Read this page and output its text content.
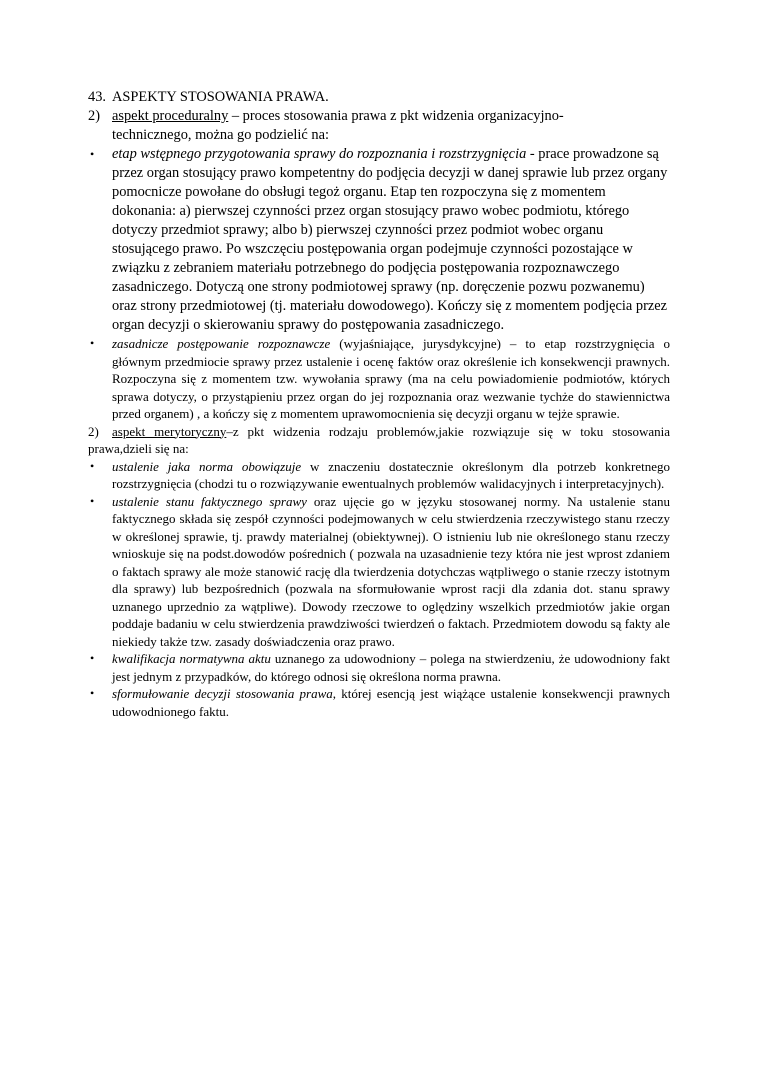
43. ASPEKTY STOSOWANIA PRAWA.

2) aspekt proceduralny – proces stosowania prawa z pkt widzenia organizacyjno-

technicznego, można go podzielić na:

• etap wstępnego przygotowania sprawy do rozpoznania i rozstrzygnięcia - prace prowadzone są przez organ stosujący prawo kompetentny do podjęcia decyzji w danej sprawie lub przez organy pomocnicze powołane do obsługi tegoż organu. Etap ten rozpoczyna się z momentem dokonania: a) pierwszej czynności przez organ stosujący prawo wobec podmiotu, którego dotyczy przedmiot sprawy; albo b) pierwszej czynności przez podmiot wobec organu stosującego prawo. Po wszczęciu postępowania organ podejmuje czynności pozostające w związku z zebraniem materiału potrzebnego do podjęcia postępowania rozpoznawczego zasadniczego. Dotyczą one strony podmiotowej sprawy (np. doręczenie pozwu pozwanemu) oraz strony przedmiotowej (tj. materiału dowodowego). Kończy się z momentem podjęcia przez organ decyzji o skierowaniu sprawy do postępowania zasadniczego.

• zasadnicze postępowanie rozpoznawcze (wyjaśniające, jurysdykcyjne) – to etap rozstrzygnięcia o głównym przedmiocie sprawy przez ustalenie i ocenę faktów oraz określenie ich konsekwencji prawnych. Rozpoczyna się z momentem tzw. wywołania sprawy (ma na celu powiadomienie podmiotów, których sprawa dotyczy, o przystąpieniu przez organ do jej rozpoznania oraz wezwanie tychże do stawiennictwa przed organem) , a kończy się z momentem uprawomocnienia się decyzji organu w tejże sprawie.

2) aspekt merytoryczny–z pkt widzenia rodzaju problemów,jakie rozwiązuje się w toku stosowania prawa,dzieli się na:

• ustalenie jaka norma obowiązuje w znaczeniu dostatecznie określonym dla potrzeb konkretnego rozstrzygnięcia (chodzi tu o rozwiązywanie ewentualnych problemów walidacyjnych i interpretacyjnych).

• ustalenie stanu faktycznego sprawy oraz ujęcie go w języku stosowanej normy. Na ustalenie stanu faktycznego składa się zespół czynności podejmowanych w celu stwierdzenia rzeczywistego stanu rzeczy w określonej sprawie, tj. prawdy materialnej (obiektywnej). O istnieniu lub nie określonego stanu rzeczy wnioskuje się na podst.dowodów pośrednich ( pozwala na uzasadnienie tezy która nie jest wprost zdaniem o faktach sprawy ale może stanowić rację dla twierdzenia dotychczas wątpliwego o stanie rzeczy istotnym dla sprawy) lub bezpośrednich (pozwala na sformułowanie wprost racji dla zdania dot. stanu sprawy uznanego uprzednio za wątpliwe). Dowody rzeczowe to oględziny wszelkich przedmiotów jakie organ poddaje badaniu w celu stwierdzenia prawdziwości twierdzeń o faktach. Przedmiotem dowodu są fakty ale niekiedy także tzw. zasady doświadczenia oraz prawo.

• kwalifikacja normatywna aktu uznanego za udowodniony – polega na stwierdzeniu, że udowodniony fakt jest jednym z przypadków, do którego odnosi się określona norma prawna.

• sformułowanie decyzji stosowania prawa, której esencją jest wiążące ustalenie konsekwencji prawnych udowodnionego faktu.
